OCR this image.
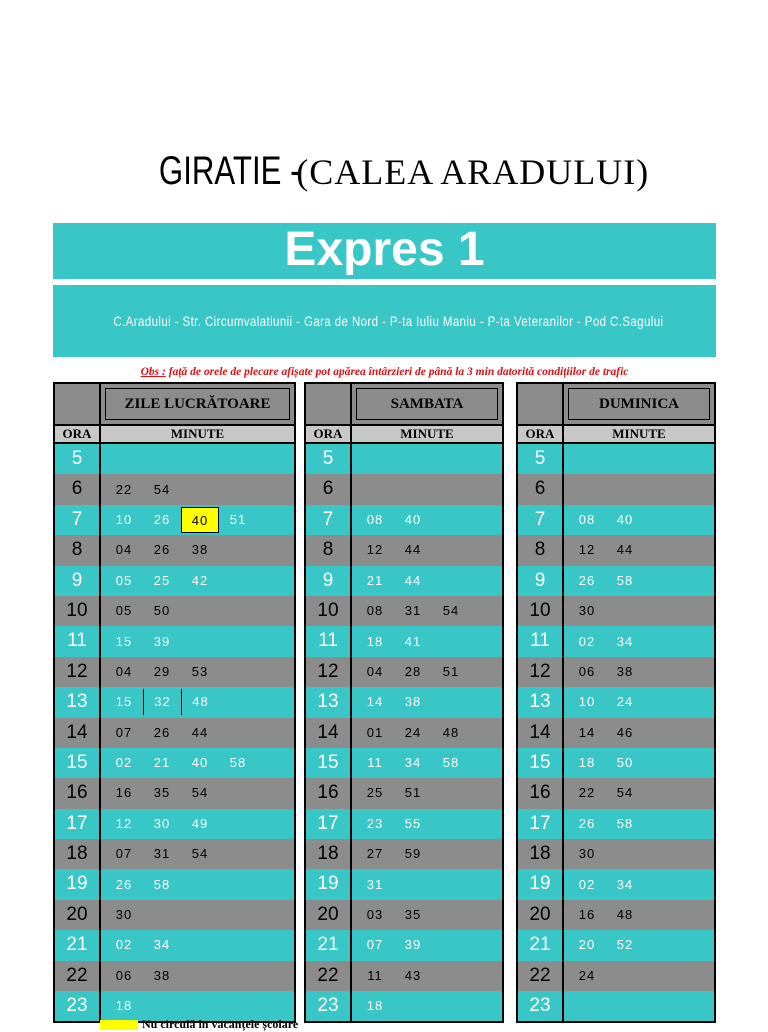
GIRATIE -(CALEA ARADULUI)
Expres 1
C.Aradului - Str. Circumvalatiunii - Gara de Nord - P-ta Iuliu Maniu - P-ta Veteranilor - Pod C.Sagului
Obs : față de orele de plecare afișate pot apărea întârzieri de până la 3 min datorită condițiilor de trafic
ZILE LUCRĂTOARE
ORA	MINUTE
5
6	22	54
7	10	26	40	51
8	04	26	38
9	05	25	42
10	05	50
11	15	39
12	04	29	53
13	15	32	48
14	07	26	44
15	02	21	40	58
16	16	35	54
17	12	30	49
18	07	31	54
19	26	58
20	30
21	02	34
22	06	38
23	18
SAMBATA
ORA	MINUTE
5
6
7	08	40
8	12	44
9	21	44
10	08	31	54
11	18	41
12	04	28	51
13	14	38
14	01	24	48
15	11	34	58
16	25	51
17	23	55
18	27	59
19	31
20	03	35
21	07	39
22	11	43
23	18
DUMINICA
ORA	MINUTE
5
6
7	08	40
8	12	44
9	26	58
10	30
11	02	34
12	06	38
13	10	24
14	14	46
15	18	50
16	22	54
17	26	58
18	30
19	02	34
20	16	48
21	20	52
22	24
23
Nu circulă în vacanțele școlare
